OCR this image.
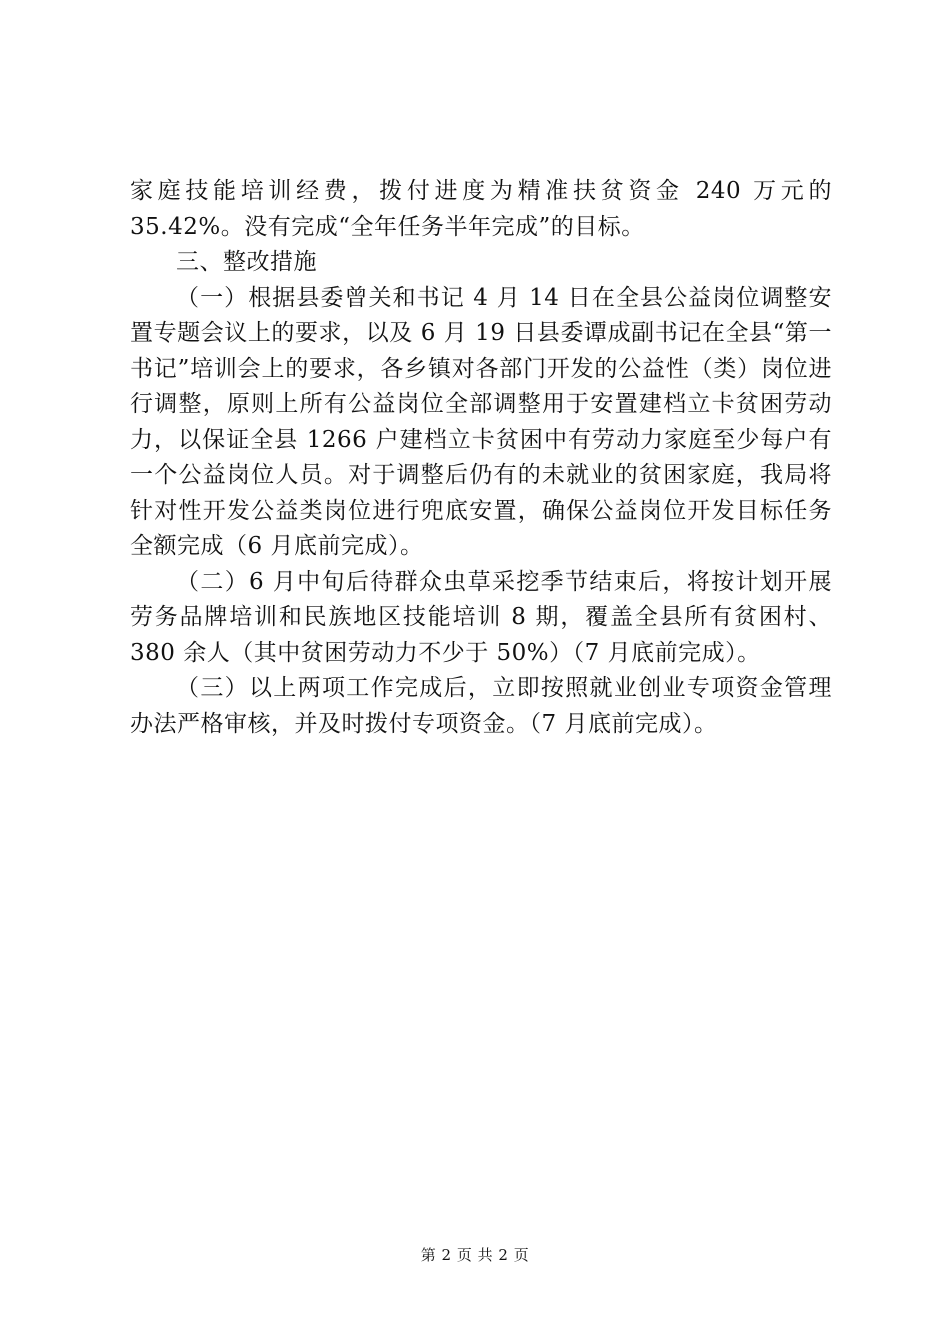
家庭技能培训经费，拨付进度为精准扶贫资金 240 万元的 35.42%。没有完成“全年任务半年完成”的目标。

三、整改措施

（一）根据县委曾关和书记 4 月 14 日在全县公益岗位调整安置专题会议上的要求，以及 6 月 19 日县委谭成副书记在全县“第一书记”培训会上的要求，各乡镇对各部门开发的公益性（类）岗位进行调整，原则上所有公益岗位全部调整用于安置建档立卡贫困劳动力，以保证全县 1266 户建档立卡贫困中有劳动力家庭至少每户有一个公益岗位人员。对于调整后仍有的未就业的贫困家庭，我局将针对性开发公益类岗位进行兜底安置，确保公益岗位开发目标任务全额完成（6 月底前完成）。

（二）6 月中旬后待群众虫草采挖季节结束后，将按计划开展劳务品牌培训和民族地区技能培训 8 期，覆盖全县所有贫困村、380 余人（其中贫困劳动力不少于 50%）（7 月底前完成）。

（三）以上两项工作完成后，立即按照就业创业专项资金管理办法严格审核，并及时拨付专项资金。（7 月底前完成）。

第 2 页 共 2 页
